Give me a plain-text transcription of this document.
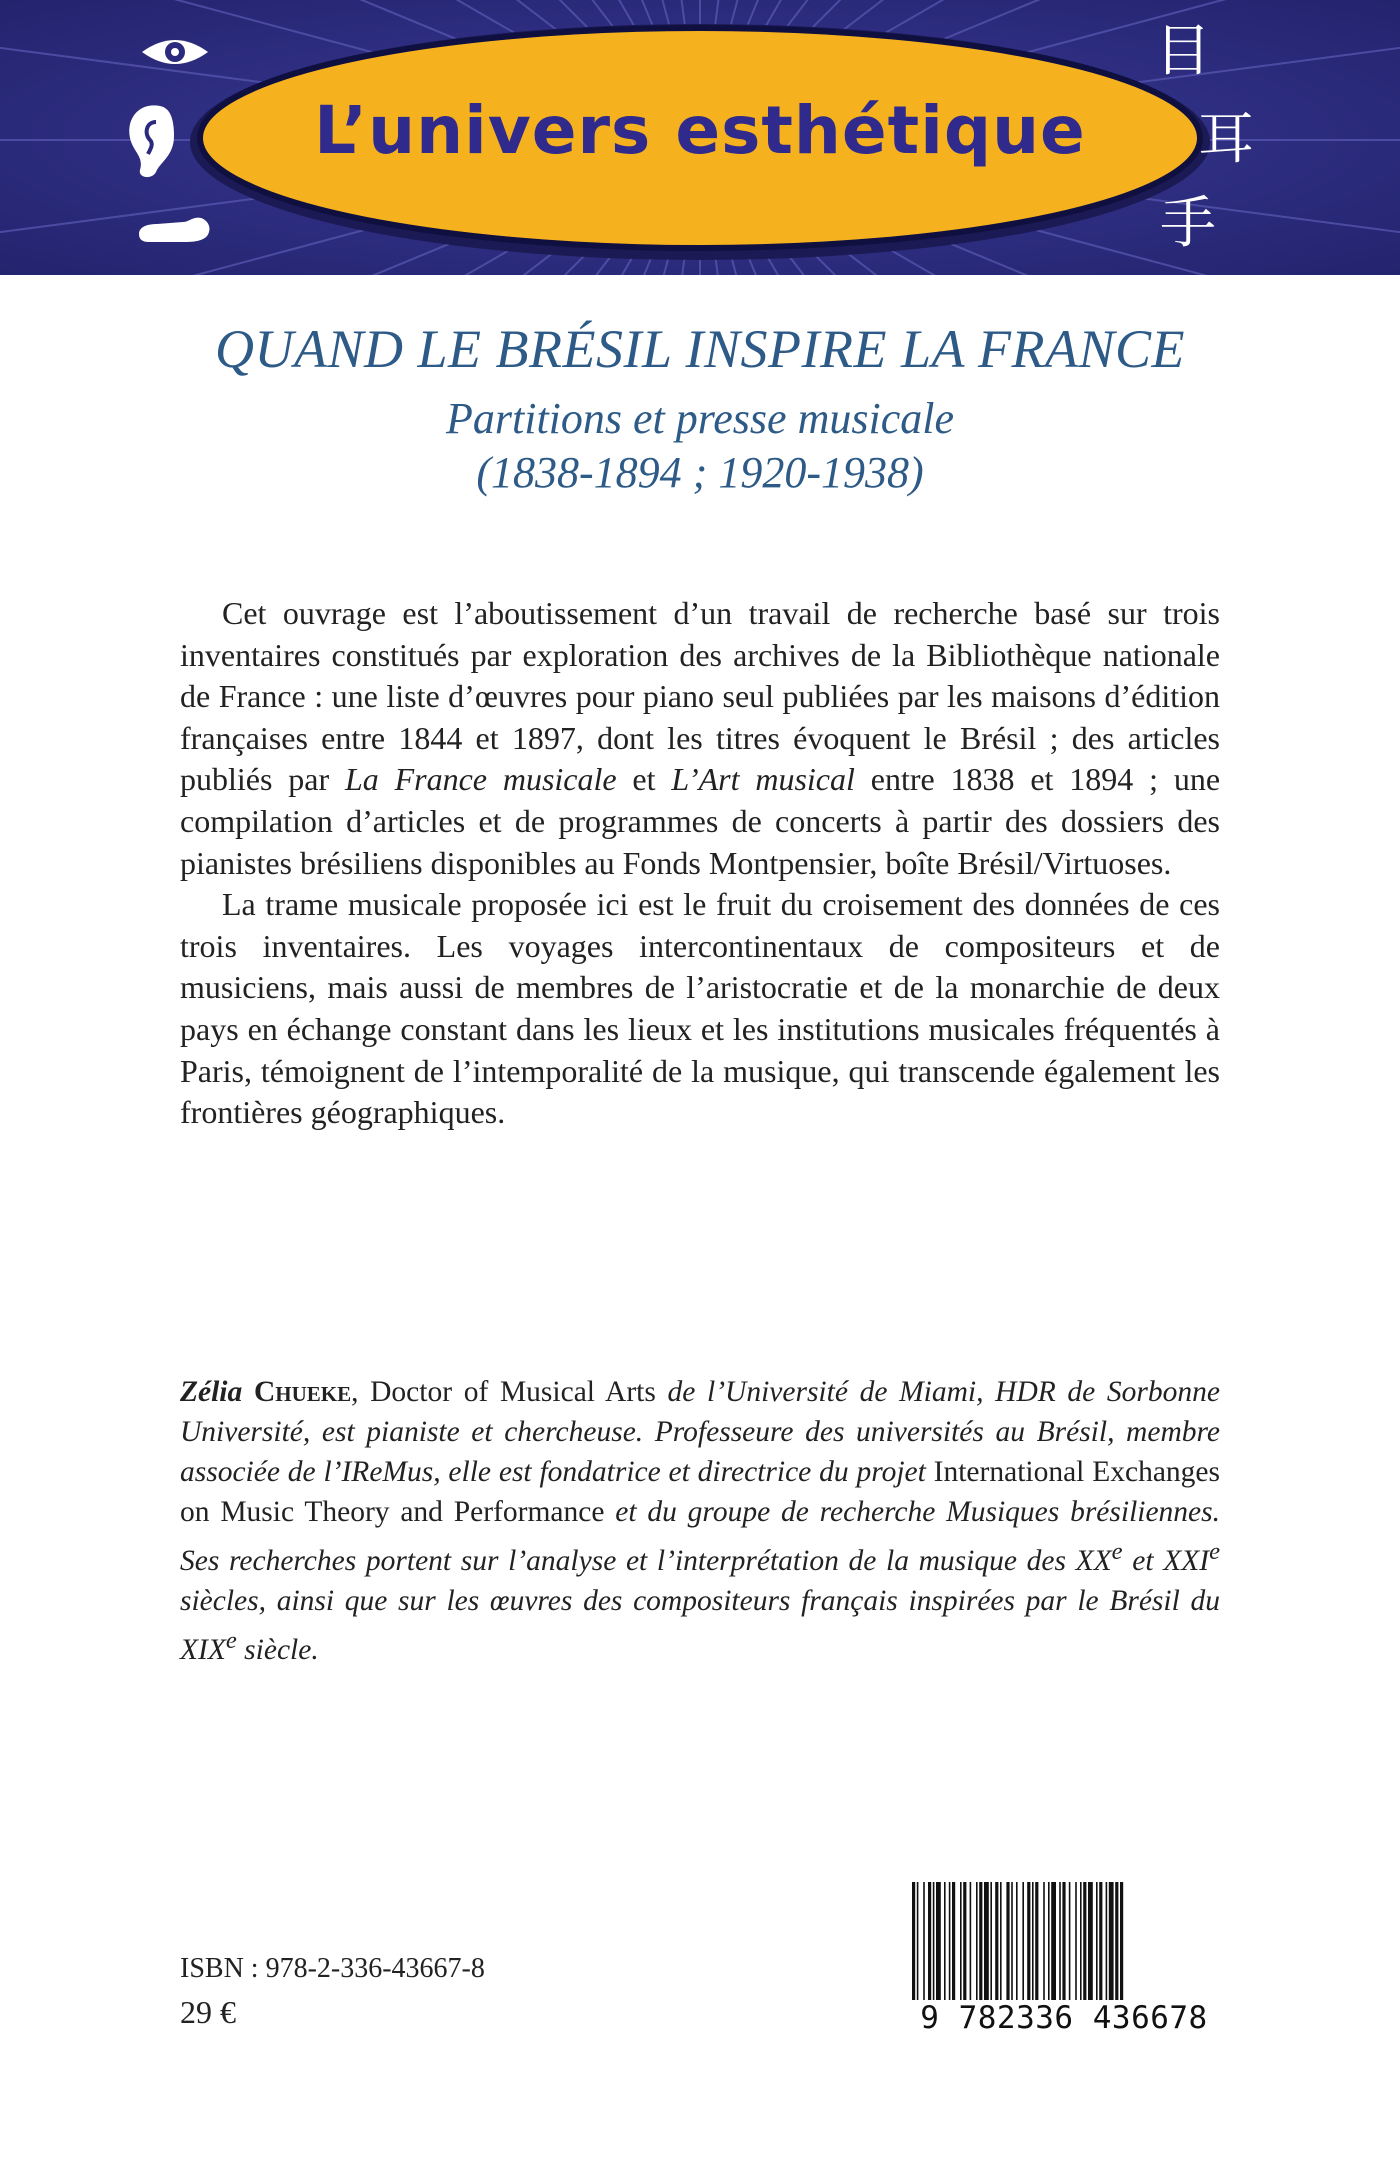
目
耳
手
L’univers esthétique
QUAND LE BRÉSIL INSPIRE LA FRANCE
Partitions et presse musicale
(1838-1894 ; 1920-1938)

Cet ouvrage est l’aboutissement d’un travail de recherche basé sur trois inventaires constitués par exploration des archives de la Bibliothèque nationale de France : une liste d’œuvres pour piano seul publiées par les maisons d’édition françaises entre 1844 et 1897, dont les titres évoquent le Brésil ; des articles publiés par La France musicale et L’Art musical entre 1838 et 1894 ; une compilation d’articles et de programmes de concerts à partir des dossiers des pianistes brésiliens disponibles au Fonds Montpensier, boîte Brésil/Virtuoses.

La trame musicale proposée ici est le fruit du croisement des données de ces trois inventaires. Les voyages intercontinentaux de compositeurs et de musiciens, mais aussi de membres de l’aristocratie et de la monarchie de deux pays en échange constant dans les lieux et les institutions musicales fréquentés à Paris, témoignent de l’intemporalité de la musique, qui transcende également les frontières géographiques.

Zélia Chueke, Doctor of Musical Arts de l’Université de Miami, HDR de Sorbonne Université, est pianiste et chercheuse. Professeure des universités au Brésil, membre associée de l’IReMus, elle est fondatrice et directrice du projet International Exchanges on Music Theory and Performance et du groupe de recherche Musiques brésiliennes. Ses recherches portent sur l’analyse et l’interprétation de la musique des XXe et XXIe siècles, ainsi que sur les œuvres des compositeurs français inspirées par le Brésil du XIXe siècle.

ISBN : 978-2-336-43667-8
29 €	9 782336 436678
